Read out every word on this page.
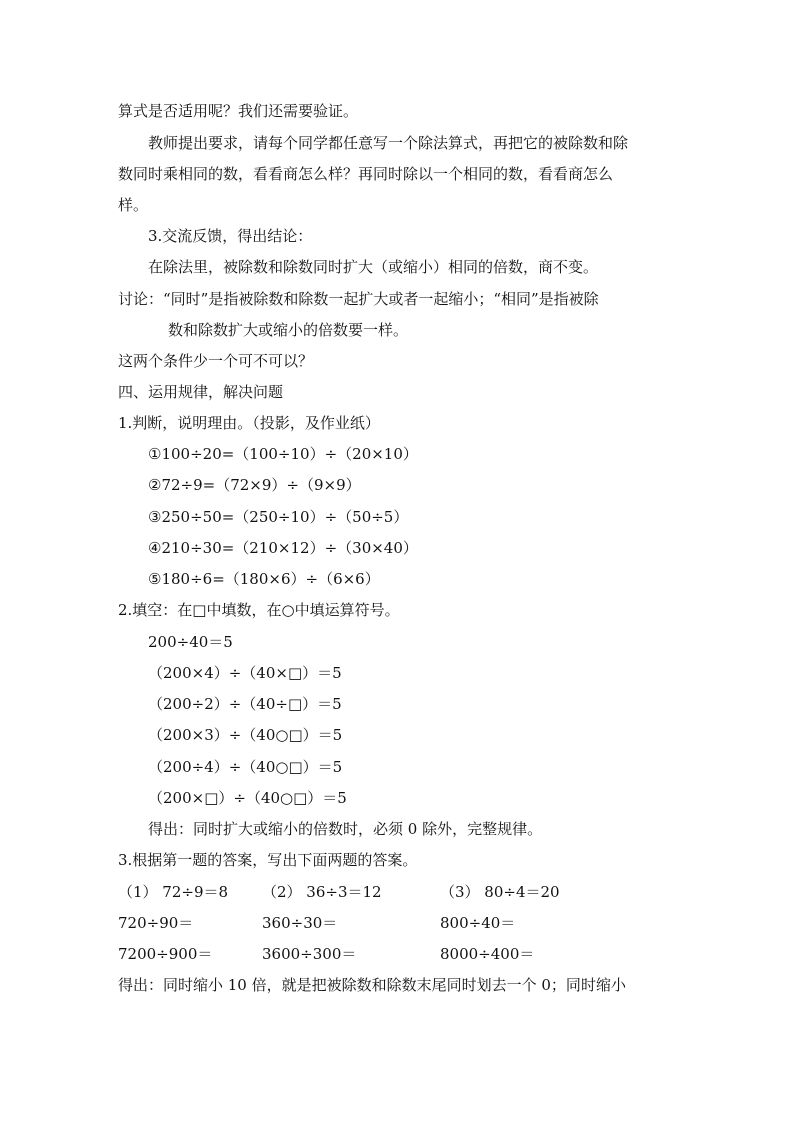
算式是否适用呢？我们还需要验证。
教师提出要求，请每个同学都任意写一个除法算式，再把它的被除数和除
数同时乘相同的数，看看商怎么样？再同时除以一个相同的数，看看商怎么
样。
3.交流反馈，得出结论：
在除法里，被除数和除数同时扩大（或缩小）相同的倍数，商不变。
讨论：“同时”是指被除数和除数一起扩大或者一起缩小；“相同”是指被除
数和除数扩大或缩小的倍数要一样。
这两个条件少一个可不可以？
四、运用规律，解决问题
1.判断，说明理由。（投影，及作业纸）
①100÷20=（100÷10）÷（20×10）
②72÷9=（72×9）÷（9×9）
③250÷50=（250÷10）÷（50÷5）
④210÷30=（210×12）÷（30×40）
⑤180÷6=（180×6）÷（6×6）
2.填空：在□中填数，在○中填运算符号。
200÷40＝5
（200×4）÷（40×□）＝5
（200÷2）÷（40÷□）＝5
（200×3）÷（40○□）＝5
（200÷4）÷（40○□）＝5
（200×□）÷（40○□）＝5
得出：同时扩大或缩小的倍数时，必须 0 除外，完整规律。
3.根据第一题的答案，写出下面两题的答案。
（1） 72÷9＝8 （2） 36÷3＝12	（3） 80÷4＝20
720÷90＝	360÷30＝	800÷40＝
7200÷900＝	3600÷300＝	8000÷400＝
得出：同时缩小 10 倍，就是把被除数和除数末尾同时划去一个 0；同时缩小
